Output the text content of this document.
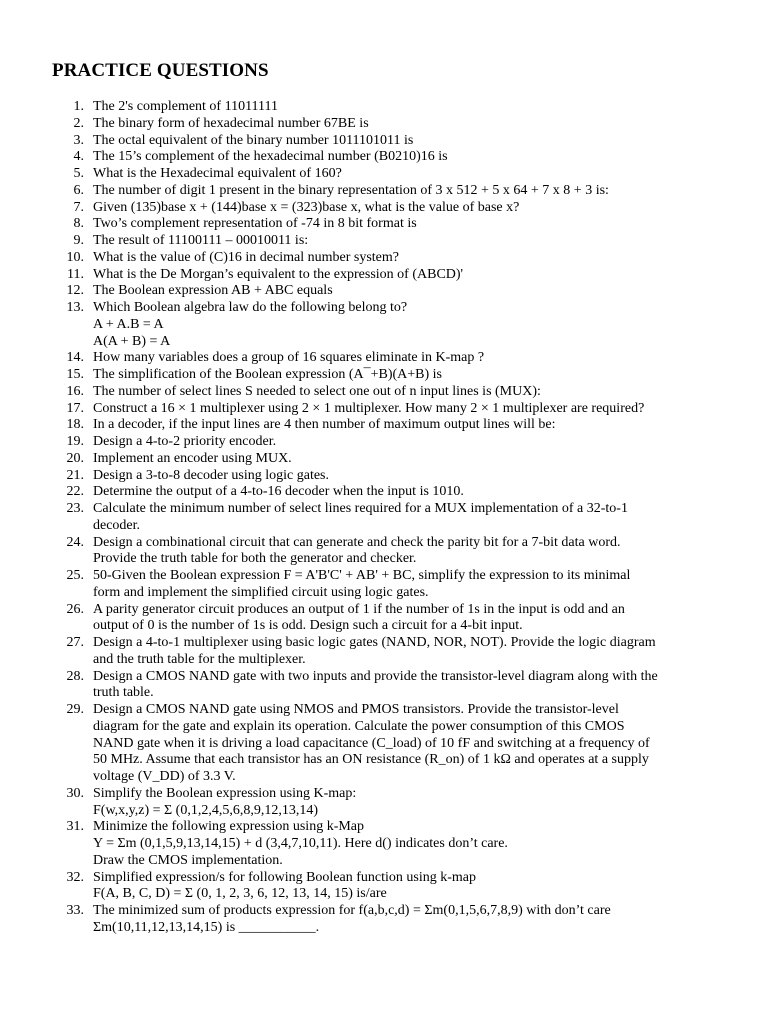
PRACTICE QUESTIONS
1. The 2's complement of 11011111
2. The binary form of hexadecimal number 67BE is
3. The octal equivalent of the binary number 1011101011 is
4. The 15’s complement of the hexadecimal number (B0210)16 is
5. What is the Hexadecimal equivalent of 160?
6. The number of digit 1 present in the binary representation of 3 x 512 + 5 x 64 + 7 x 8 + 3 is:
7. Given (135)base x + (144)base x = (323)base x, what is the value of base x?
8. Two’s complement representation of -74 in 8 bit format is
9. The result of 11100111 – 00010011 is:
10. What is the value of (C)16 in decimal number system?
11. What is the De Morgan’s equivalent to the expression of (ABCD)'
12. The Boolean expression AB + ABC equals
13. Which Boolean algebra law do the following belong to?
A + A.B = A
A(A + B) = A
14. How many variables does a group of 16 squares eliminate in K-map ?
15. The simplification of the Boolean expression (A¯+B)(A+B) is
16. The number of select lines S needed to select one out of n input lines is (MUX):
17. Construct a 16 × 1 multiplexer using 2 × 1 multiplexer. How many 2 × 1 multiplexer are required?
18. In a decoder, if the input lines are 4 then number of maximum output lines will be:
19. Design a 4-to-2 priority encoder.
20. Implement an encoder using MUX.
21. Design a 3-to-8 decoder using logic gates.
22. Determine the output of a 4-to-16 decoder when the input is 1010.
23. Calculate the minimum number of select lines required for a MUX implementation of a 32-to-1
decoder.
24. Design a combinational circuit that can generate and check the parity bit for a 7-bit data word.
Provide the truth table for both the generator and checker.
25. 50-Given the Boolean expression F = A'B'C' + AB' + BC, simplify the expression to its minimal
form and implement the simplified circuit using logic gates.
26. A parity generator circuit produces an output of 1 if the number of 1s in the input is odd and an
output of 0 is the number of 1s is odd. Design such a circuit for a 4-bit input.
27. Design a 4-to-1 multiplexer using basic logic gates (NAND, NOR, NOT). Provide the logic diagram
and the truth table for the multiplexer.
28. Design a CMOS NAND gate with two inputs and provide the transistor-level diagram along with the
truth table.
29. Design a CMOS NAND gate using NMOS and PMOS transistors. Provide the transistor-level
diagram for the gate and explain its operation. Calculate the power consumption of this CMOS
NAND gate when it is driving a load capacitance (C_load) of 10 fF and switching at a frequency of
50 MHz. Assume that each transistor has an ON resistance (R_on) of 1 kΩ and operates at a supply
voltage (V_DD) of 3.3 V.
30. Simplify the Boolean expression using K-map:
F(w,x,y,z) = Σ (0,1,2,4,5,6,8,9,12,13,14)
31. Minimize the following expression using k-Map
Y = Σm (0,1,5,9,13,14,15) + d (3,4,7,10,11). Here d() indicates don’t care.
Draw the CMOS implementation.
32. Simplified expression/s for following Boolean function using k-map
F(A, B, C, D) = Σ (0, 1, 2, 3, 6, 12, 13, 14, 15) is/are
33. The minimized sum of products expression for f(a,b,c,d) = Σm(0,1,5,6,7,8,9) with don’t care
Σm(10,11,12,13,14,15) is ___________.
